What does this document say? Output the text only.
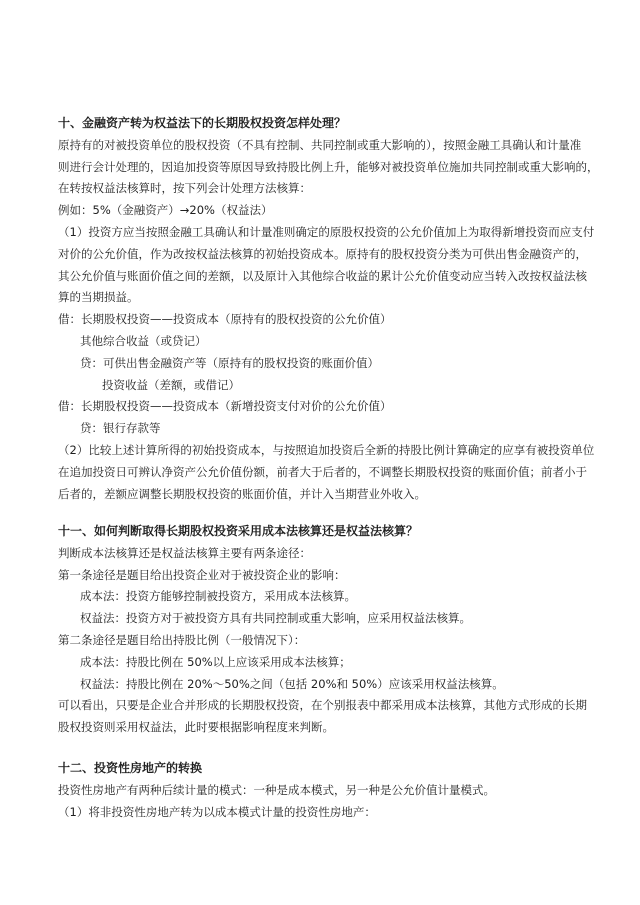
十、金融资产转为权益法下的长期股权投资怎样处理？
原持有的对被投资单位的股权投资（不具有控制、共同控制或重大影响的），按照金融工具确认和计量准
则进行会计处理的，因追加投资等原因导致持股比例上升，能够对被投资单位施加共同控制或重大影响的，
在转按权益法核算时，按下列会计处理方法核算：
例如：5%（金融资产）→20%（权益法）
（1）投资方应当按照金融工具确认和计量准则确定的原股权投资的公允价值加上为取得新增投资而应支付
对价的公允价值，作为改按权益法核算的初始投资成本。原持有的股权投资分类为可供出售金融资产的，
其公允价值与账面价值之间的差额，以及原计入其他综合收益的累计公允价值变动应当转入改按权益法核
算的当期损益。
借：长期股权投资——投资成本（原持有的股权投资的公允价值）
其他综合收益（或贷记）
贷：可供出售金融资产等（原持有的股权投资的账面价值）
投资收益（差额，或借记）
借：长期股权投资——投资成本（新增投资支付对价的公允价值）
贷：银行存款等
（2）比较上述计算所得的初始投资成本，与按照追加投资后全新的持股比例计算确定的应享有被投资单位
在追加投资日可辨认净资产公允价值份额，前者大于后者的，不调整长期股权投资的账面价值；前者小于
后者的，差额应调整长期股权投资的账面价值，并计入当期营业外收入。
十一、如何判断取得长期股权投资采用成本法核算还是权益法核算？
判断成本法核算还是权益法核算主要有两条途径：
第一条途径是题目给出投资企业对于被投资企业的影响：
成本法：投资方能够控制被投资方，采用成本法核算。
权益法：投资方对于被投资方具有共同控制或重大影响，应采用权益法核算。
第二条途径是题目给出持股比例（一般情况下）：
成本法：持股比例在 50%以上应该采用成本法核算；
权益法：持股比例在 20%～50%之间（包括 20%和 50%）应该采用权益法核算。
可以看出，只要是企业合并形成的长期股权投资，在个别报表中都采用成本法核算，其他方式形成的长期
股权投资则采用权益法，此时要根据影响程度来判断。
十二、投资性房地产的转换
投资性房地产有两种后续计量的模式：一种是成本模式，另一种是公允价值计量模式。
（1）将非投资性房地产转为以成本模式计量的投资性房地产：
